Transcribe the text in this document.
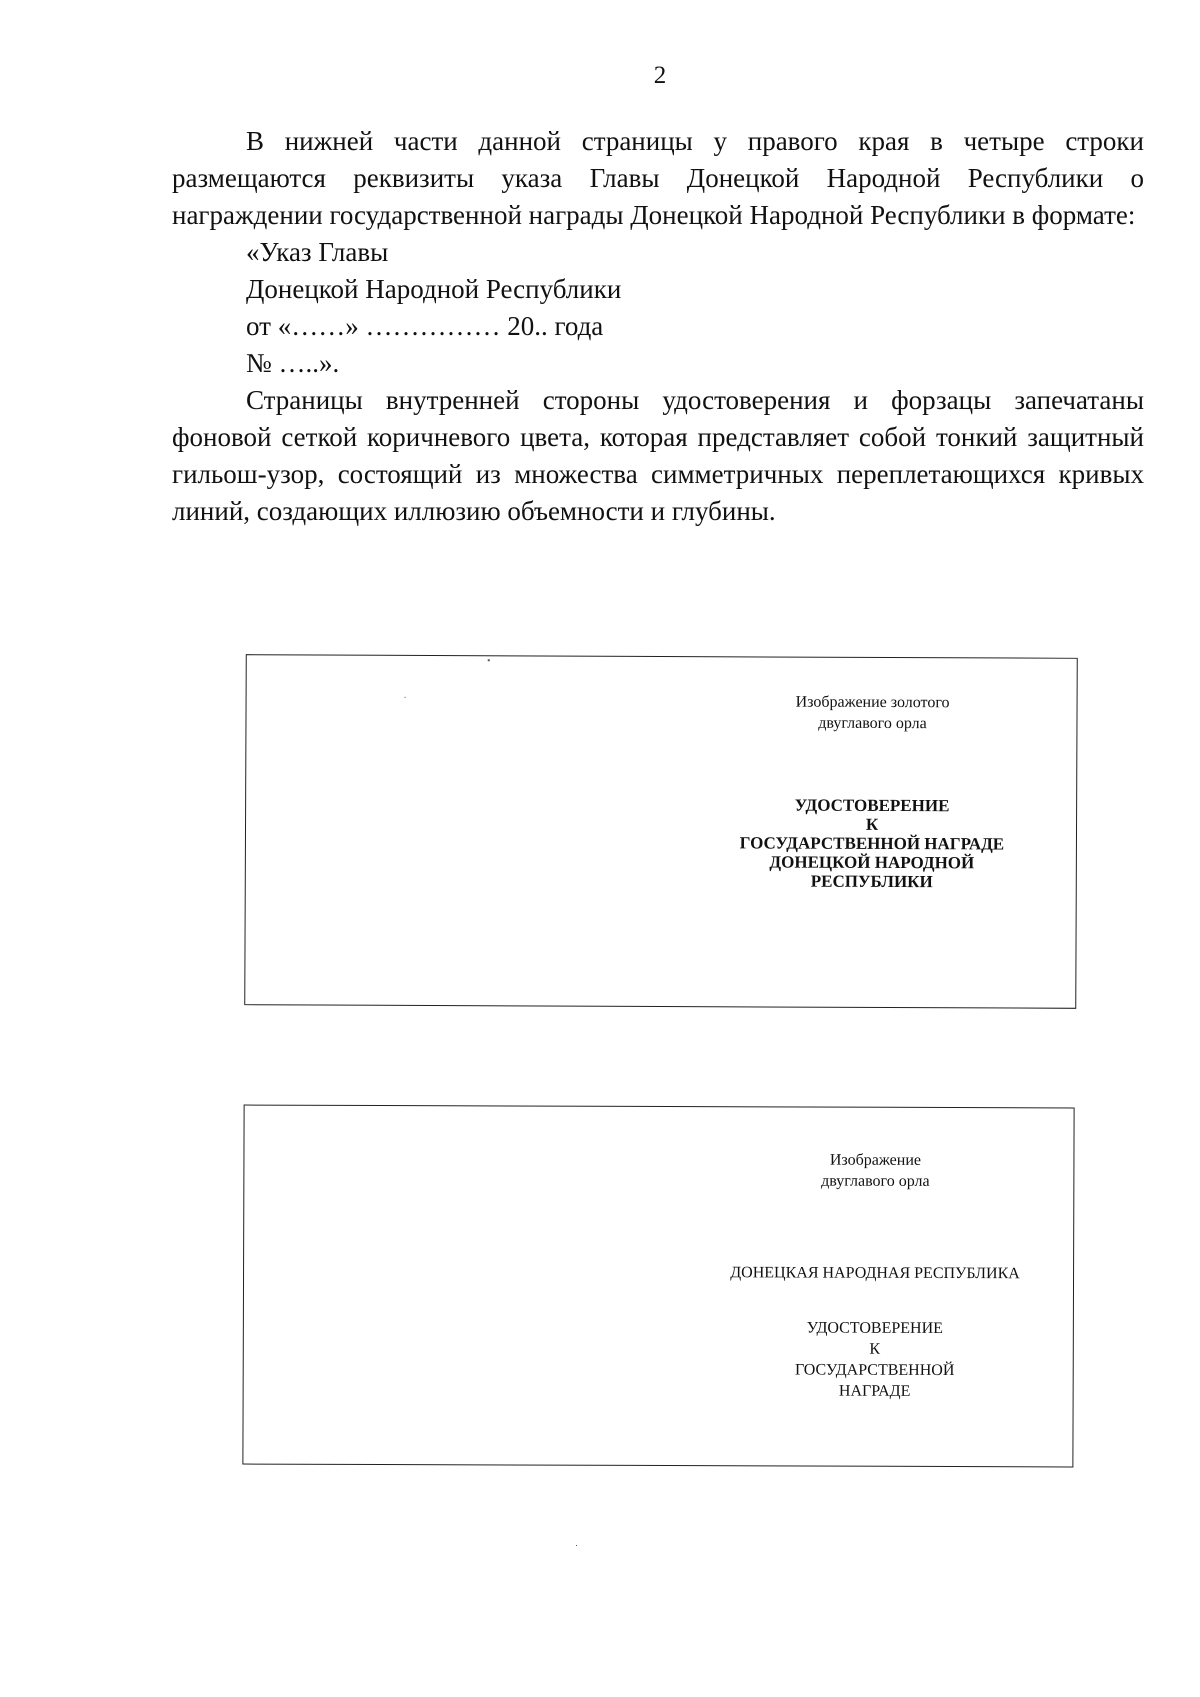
2

В нижней части данной страницы у правого края в четыре строки размещаются реквизиты указа Главы Донецкой Народной Республики о награждении государственной награды Донецкой Народной Республики в формате:

«Указ Главы

Донецкой Народной Республики

от «……» …………… 20.. года

№ …..».

Страницы внутренней стороны удостоверения и форзацы запечатаны фоновой сеткой коричневого цвета, которая представляет собой тонкий защитный гильош-узор, состоящий из множества симметричных переплетающихся кривых линий, создающих иллюзию объемности и глубины.

Изображение золотого
двуглавого орла
УДОСТОВЕРЕНИЕ
К
ГОСУДАРСТВЕННОЙ НАГРАДЕ
ДОНЕЦКОЙ НАРОДНОЙ
РЕСПУБЛИКИ
Изображение
двуглавого орла
ДОНЕЦКАЯ НАРОДНАЯ РЕСПУБЛИКА
УДОСТОВЕРЕНИЕ
К
ГОСУДАРСТВЕННОЙ
НАГРАДЕ
